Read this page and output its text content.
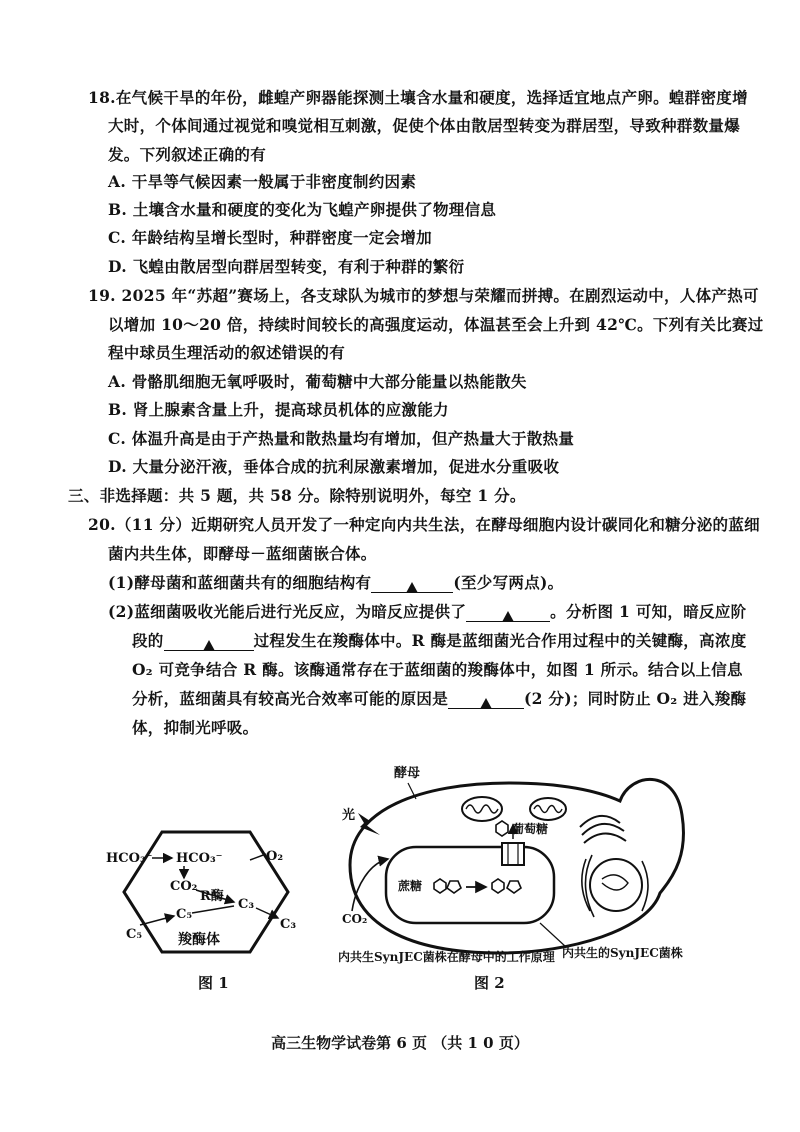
18.在气候干旱的年份，雌蝗产卵器能探测土壤含水量和硬度，选择适宜地点产卵。蝗群密度增
大时，个体间通过视觉和嗅觉相互刺激，促使个体由散居型转变为群居型，导致种群数量爆
发。下列叙述正确的有
A. 干旱等气候因素一般属于非密度制约因素
B. 土壤含水量和硬度的变化为飞蝗产卵提供了物理信息
C. 年龄结构呈增长型时，种群密度一定会增加
D. 飞蝗由散居型向群居型转变，有利于种群的繁衍
19. 2025 年“苏超”赛场上，各支球队为城市的梦想与荣耀而拼搏。在剧烈运动中，人体产热可
以增加 10～20 倍，持续时间较长的高强度运动，体温甚至会上升到 42℃。下列有关比赛过
程中球员生理活动的叙述错误的有
A. 骨骼肌细胞无氧呼吸时，葡萄糖中大部分能量以热能散失
B. 肾上腺素含量上升，提高球员机体的应激能力
C. 体温升高是由于产热量和散热量均有增加，但产热量大于散热量
D. 大量分泌汗液，垂体合成的抗利尿激素增加，促进水分重吸收
三、非选择题：共 5 题，共 58 分。除特别说明外，每空 1 分。
20.（11 分）近期研究人员开发了一种定向内共生法，在酵母细胞内设计碳同化和糖分泌的蓝细
菌内共生体，即酵母－蓝细菌嵌合体。
(1)酵母菌和蓝细菌共有的细胞结构有	(至少写两点)。
(2)蓝细菌吸收光能后进行光反应，为暗反应提供了	。分析图 1 可知，暗反应阶
段的	过程发生在羧酶体中。R 酶是蓝细菌光合作用过程中的关键酶，高浓度
O₂ 可竞争结合 R 酶。该酶通常存在于蓝细菌的羧酶体中，如图 1 所示。结合以上信息
分析，蓝细菌具有较高光合效率可能的原因是	(2 分)；同时防止 O₂ 进入羧酶
体，抑制光呼吸。
HCO₃⁻ HCO₃⁻
CO₂
R酶
C₅
C₃
C₅
C₃
O₂
羧酶体
图 1
酵母
光
葡萄糖
蔗糖
CO₂
内共生SynJEC菌株在酵母中的工作原理 内共生的SynJEC菌株
图 2
高三生物学试卷第 6 页 （共 1 0 页）
